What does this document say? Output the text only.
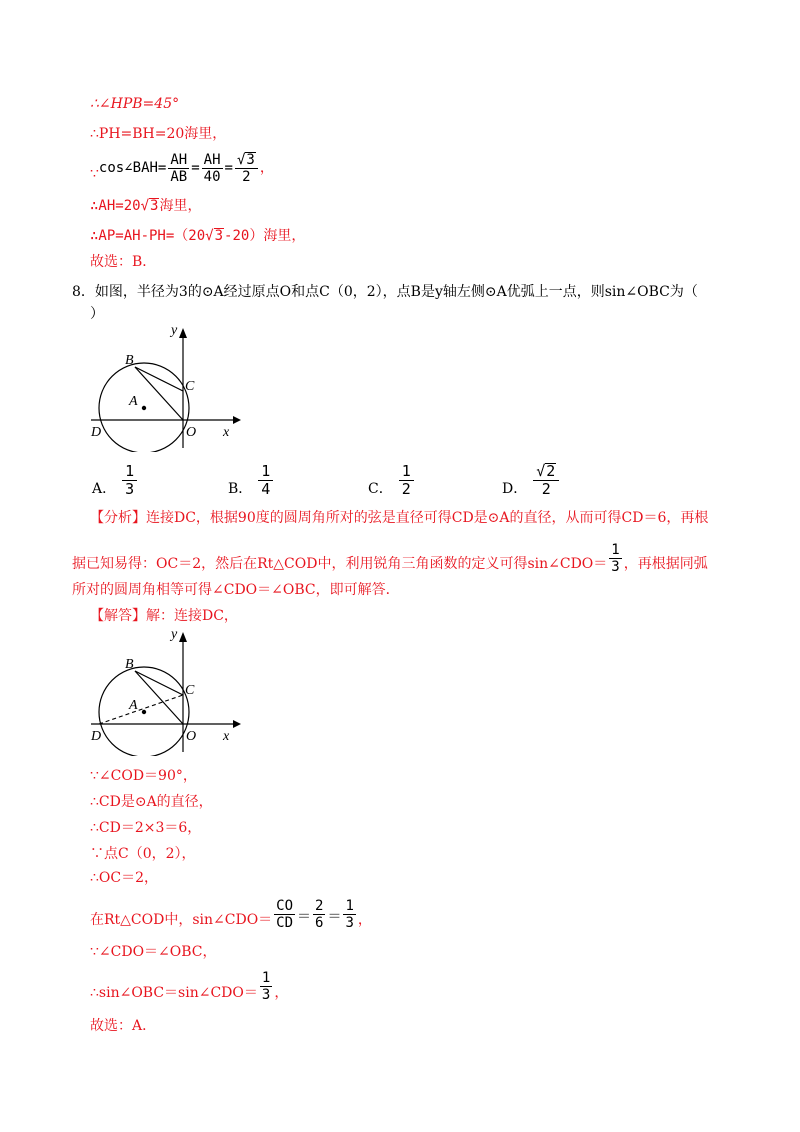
∴∠HPB=45°
∴PH=BH=20海里，
∵ cos∠BAH= $\frac{AH}{AB} = \frac{AH}{40} = \frac{√3}{2}$ ，
∴AH=20√3海里，
∴AP=AH-PH=（20√3-20）海里，
故选：B．
8．如图，半径为3的⊙A经过原点O和点C（0，2），点B是y轴左侧⊙A优弧上一点，则sin∠OBC为（
）
y
x
B
C
A
D	O
A． $\frac{1}{3}$	B． $\frac{1}{4}$	C． $\frac{1}{2}$	D． $\frac{√2}{2}$
【分析】连接DC，根据90度的圆周角所对的弦是直径可得CD是⊙A的直径，从而可得CD＝6，再根
据已知易得：OC＝2，然后在Rt△COD中，利用锐角三角函数的定义可得sin∠CDO＝ $\frac{1}{3}$ ，再根据同弧
所对的圆周角相等可得∠CDO＝∠OBC，即可解答．
【解答】解：连接DC，
y
x
B
C
A
D	O
∵∠COD＝90°，
∴CD是⊙A的直径，
∴CD＝2×3＝6，
∵点C（0，2），
∴OC＝2，
在Rt△COD中，sin∠CDO＝ $\frac{CO}{CD} = \frac{2}{6} = \frac{1}{3}$ ，
∵∠CDO＝∠OBC，
∴sin∠OBC＝sin∠CDO＝ $\frac{1}{3}$ ，
故选：A．
